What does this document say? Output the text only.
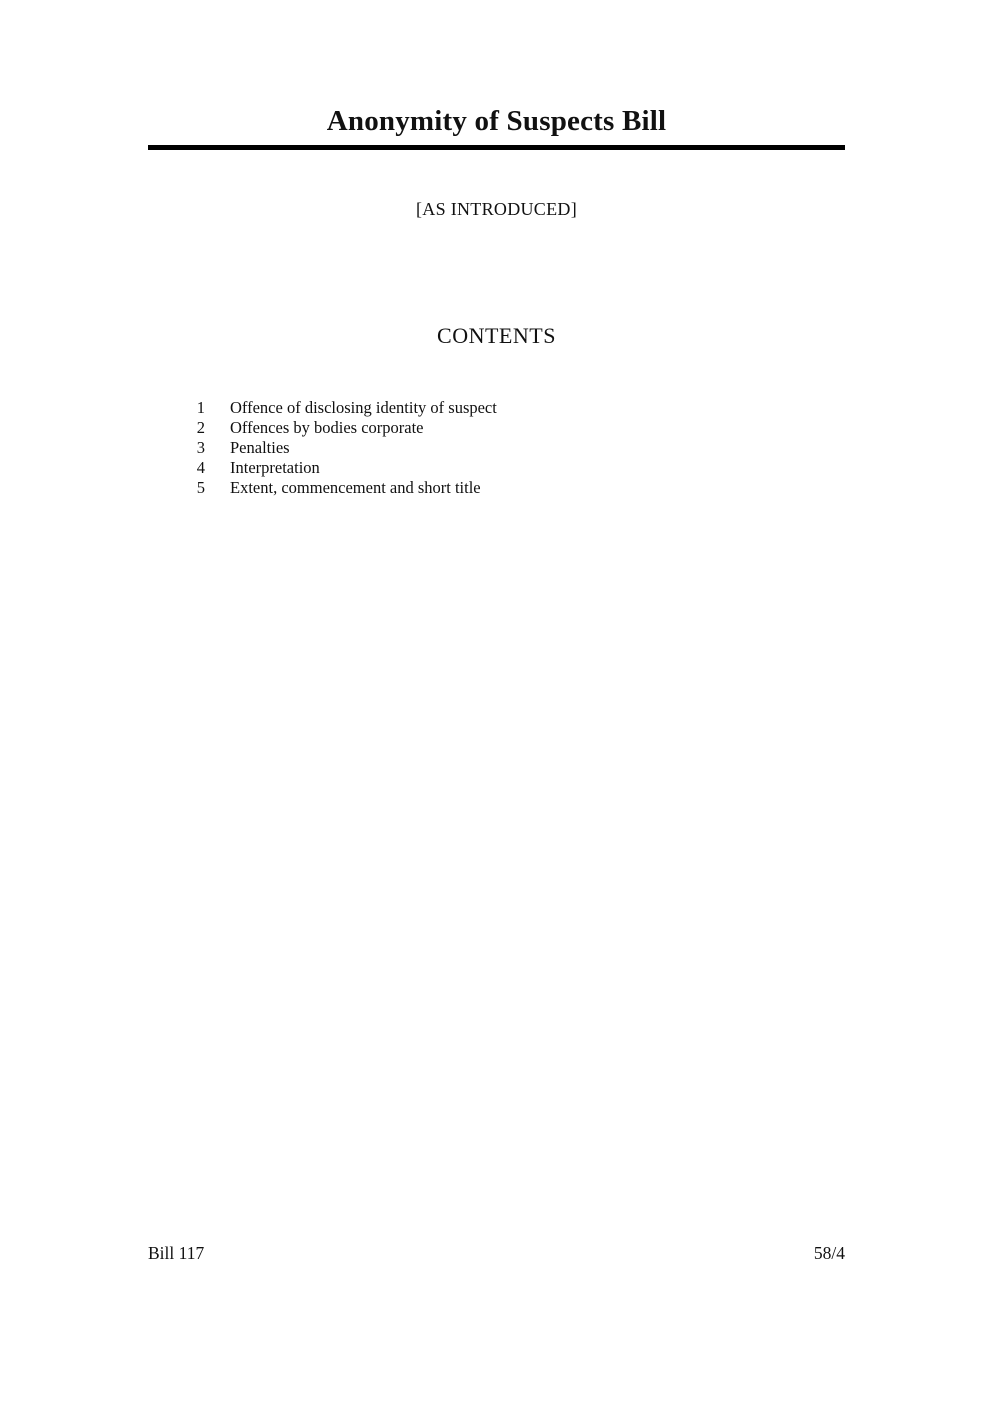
Anonymity of Suspects Bill
[AS INTRODUCED]
CONTENTS
1	Offence of disclosing identity of suspect
2	Offences by bodies corporate
3	Penalties
4	Interpretation
5	Extent, commencement and short title
Bill 117	58/4
